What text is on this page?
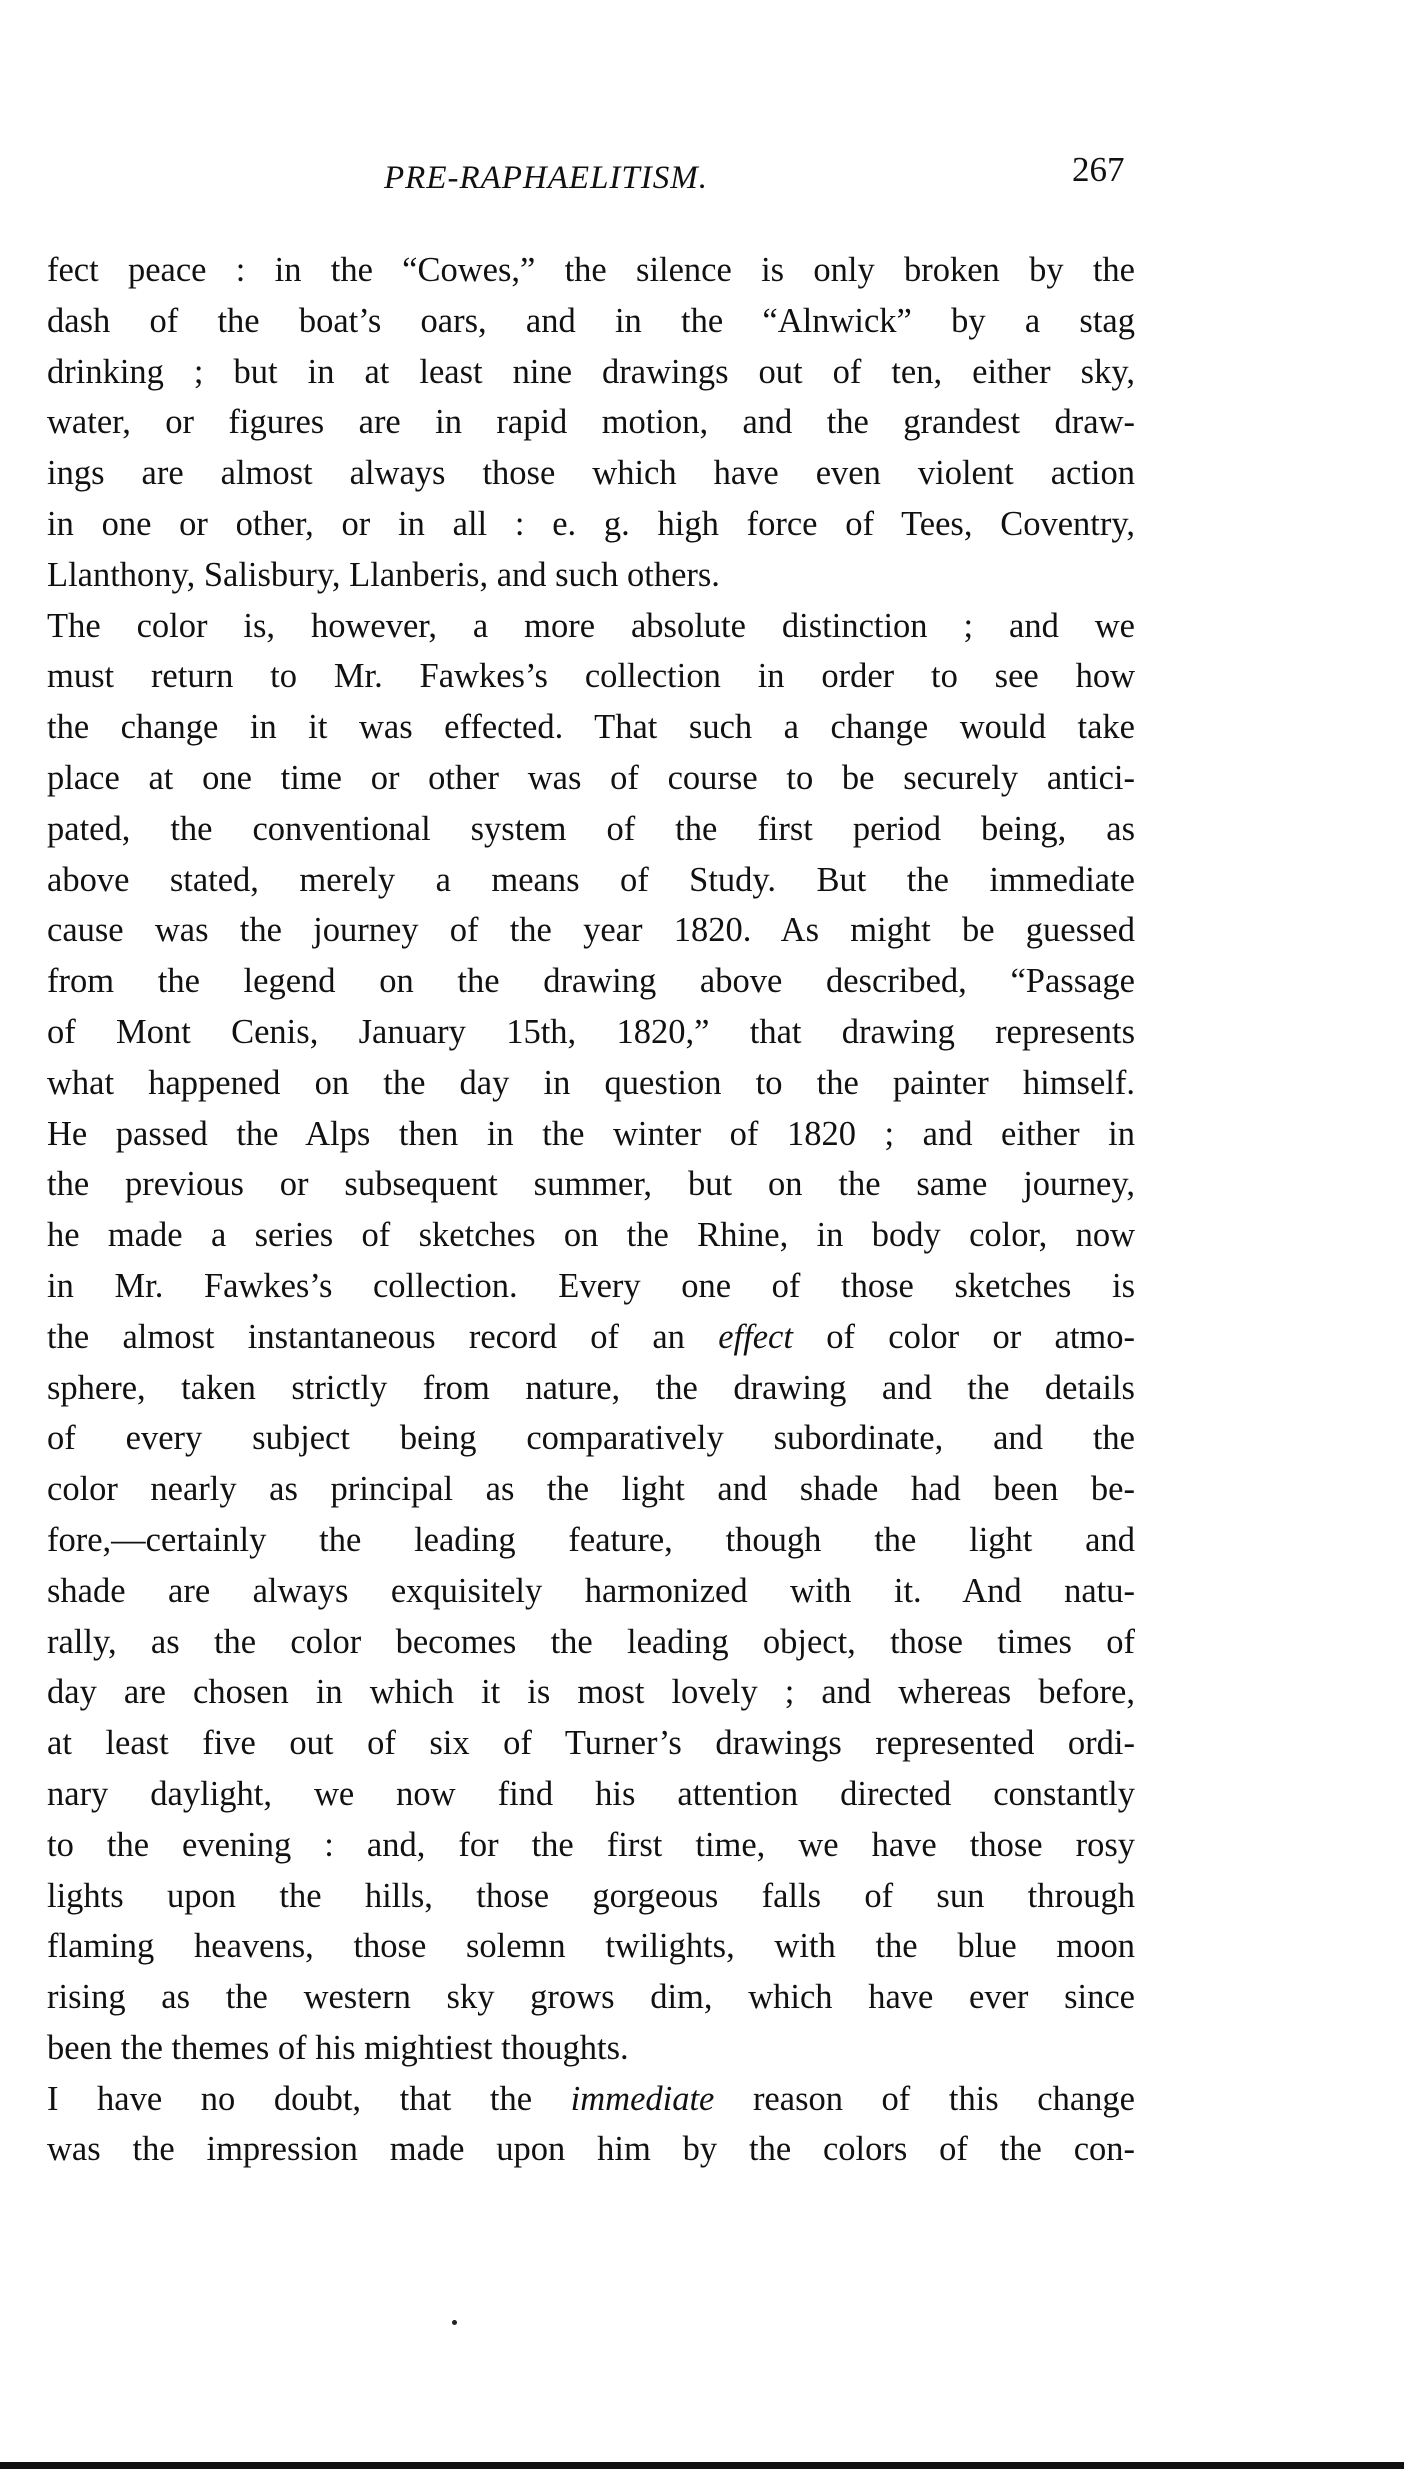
PRE-RAPHAELITISM.	267
fect peace : in the “Cowes,” the silence is only broken by the
dash of the boat’s oars, and in the “Alnwick” by a stag
drinking ; but in at least nine drawings out of ten, either sky,
water, or figures are in rapid motion, and the grandest draw-
ings are almost always those which have even violent action
in one or other, or in all : e. g. high force of Tees, Coventry,
Llanthony, Salisbury, Llanberis, and such others.
The color is, however, a more absolute distinction ; and we
must return to Mr. Fawkes’s collection in order to see how
the change in it was effected. That such a change would take
place at one time or other was of course to be securely antici-
pated, the conventional system of the first period being, as
above stated, merely a means of Study. But the immediate
cause was the journey of the year 1820. As might be guessed
from the legend on the drawing above described, “Passage
of Mont Cenis, January 15th, 1820,” that drawing represents
what happened on the day in question to the painter himself.
He passed the Alps then in the winter of 1820 ; and either in
the previous or subsequent summer, but on the same journey,
he made a series of sketches on the Rhine, in body color, now
in Mr. Fawkes’s collection. Every one of those sketches is
the almost instantaneous record of an effect of color or atmo-
sphere, taken strictly from nature, the drawing and the details
of every subject being comparatively subordinate, and the
color nearly as principal as the light and shade had been be-
fore,—certainly the leading feature, though the light and
shade are always exquisitely harmonized with it. And natu-
rally, as the color becomes the leading object, those times of
day are chosen in which it is most lovely ; and whereas before,
at least five out of six of Turner’s drawings represented ordi-
nary daylight, we now find his attention directed constantly
to the evening : and, for the first time, we have those rosy
lights upon the hills, those gorgeous falls of sun through
flaming heavens, those solemn twilights, with the blue moon
rising as the western sky grows dim, which have ever since
been the themes of his mightiest thoughts.
I have no doubt, that the immediate reason of this change
was the impression made upon him by the colors of the con-
